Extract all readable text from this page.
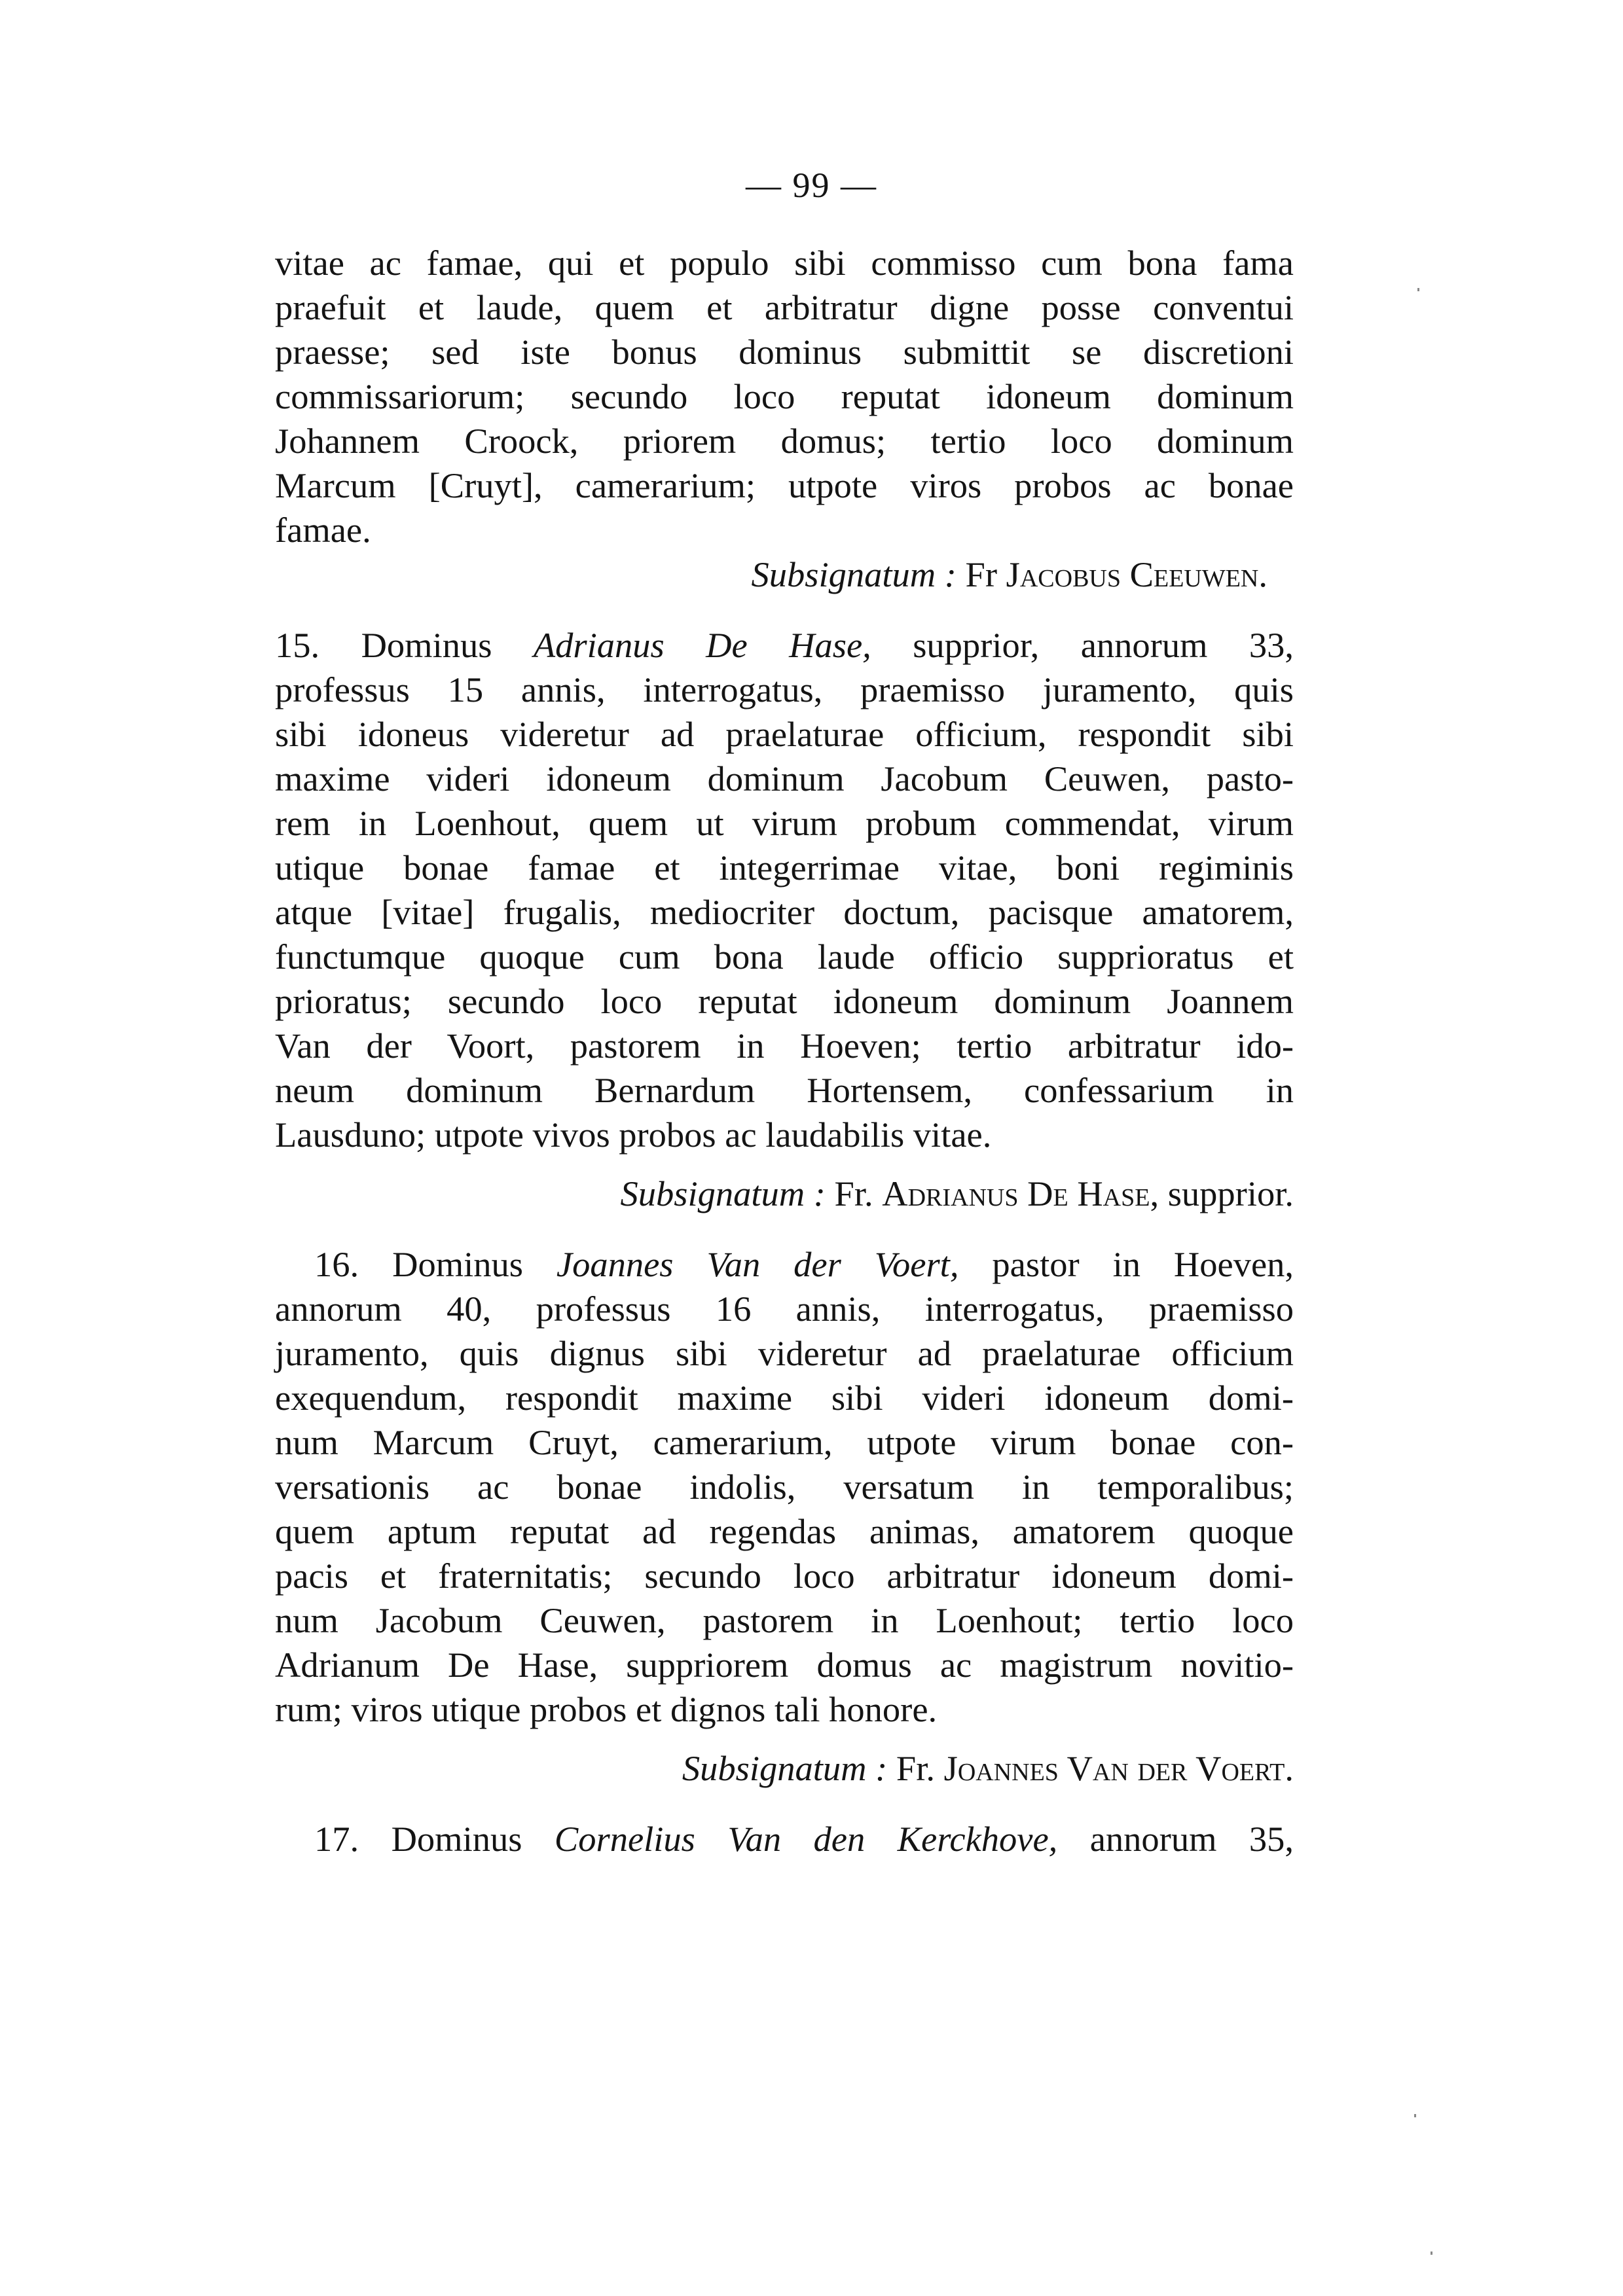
— 99 —
vitae ac famae, qui et populo sibi commisso cum bona fama
praefuit et laude, quem et arbitratur digne posse conventui
praesse; sed iste bonus dominus submittit se discretioni
commissariorum; secundo loco reputat idoneum dominum
Johannem Croock, priorem domus; tertio loco dominum
Marcum [Cruyt], camerarium; utpote viros probos ac bonae
famae.
Subsignatum : Fr Jacobus Ceeuwen.
15. Dominus Adrianus De Hase, supprior, annorum 33,
professus 15 annis, interrogatus, praemisso juramento, quis
sibi idoneus videretur ad praelaturae officium, respondit sibi
maxime videri idoneum dominum Jacobum Ceuwen, pasto-
rem in Loenhout, quem ut virum probum commendat, virum
utique bonae famae et integerrimae vitae, boni regiminis
atque [vitae] frugalis, mediocriter doctum, pacisque amatorem,
functumque quoque cum bona laude officio supprioratus et
prioratus; secundo loco reputat idoneum dominum Joannem
Van der Voort, pastorem in Hoeven; tertio arbitratur ido-
neum dominum Bernardum Hortensem, confessarium in
Lausduno; utpote vivos probos ac laudabilis vitae.
Subsignatum : Fr. Adrianus De Hase, supprior.
16. Dominus Joannes Van der Voert, pastor in Hoeven,
annorum 40, professus 16 annis, interrogatus, praemisso
juramento, quis dignus sibi videretur ad praelaturae officium
exequendum, respondit maxime sibi videri idoneum domi-
num Marcum Cruyt, camerarium, utpote virum bonae con-
versationis ac bonae indolis, versatum in temporalibus;
quem aptum reputat ad regendas animas, amatorem quoque
pacis et fraternitatis; secundo loco arbitratur idoneum domi-
num Jacobum Ceuwen, pastorem in Loenhout; tertio loco
Adrianum De Hase, suppriorem domus ac magistrum novitio-
rum; viros utique probos et dignos tali honore.
Subsignatum : Fr. Joannes Van der Voert.
17. Dominus Cornelius Van den Kerckhove, annorum 35,
